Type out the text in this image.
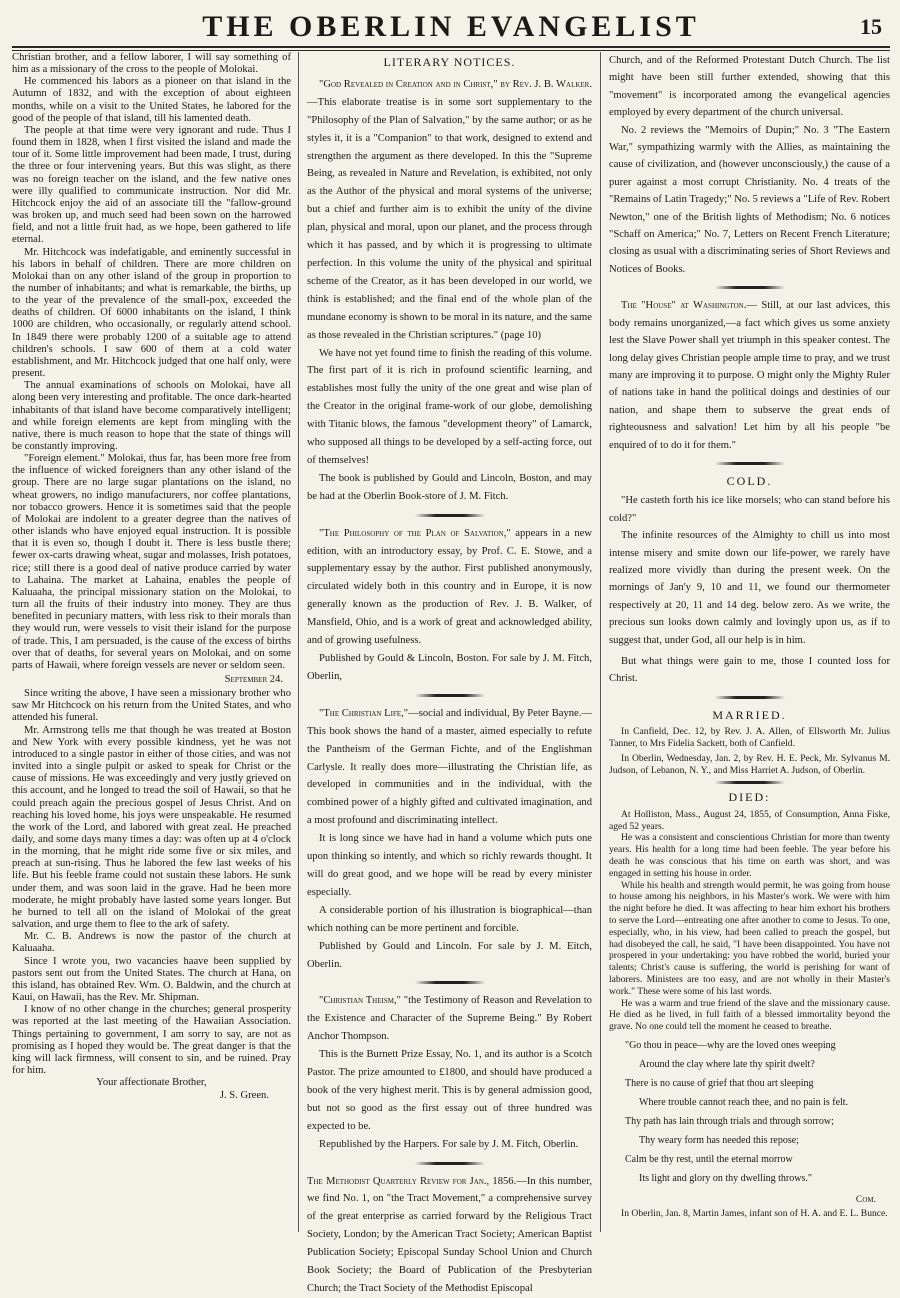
THE OBERLIN EVANGELIST	15

Christian brother, and a fellow laborer, I will say something of him as a missionary of the cross to the people of Molokai.

He commenced his labors as a pioneer on that island in the Autumn of 1832, and with the exception of about eighteen months, while on a visit to the United States, he labored for the good of the people of that island, till his lamented death.

The people at that time were very ignorant and rude. Thus I found them in 1828, when I first visited the island and made the tour of it. Some little improvement had been made, I trust, during the three or four intervening years. But this was slight, as there was no foreign teacher on the island, and the few native ones were illy qualified to communicate instruction. Nor did Mr. Hitchcock enjoy the aid of an associate till the "fallow-ground was broken up, and much seed had been sown on the harrowed field, and not a little fruit had, as we hope, been gathered to life eternal.

Mr. Hitchcock was indefatigable, and eminently successful in his labors in behalf of children. There are more children on Molokai than on any other island of the group in proportion to the number of inhabitants; and what is remarkable, the births, up to the year of the prevalence of the small-pox, exceeded the deaths of children. Of 6000 inhabitants on the island, I think 1000 are children, who occasionally, or regularly attend school. In 1849 there were probably 1200 of a suitable age to attend children's schools. I saw 600 of them at a cold water establishment, and Mr. Hitchcock judged that one half only, were present.

The annual examinations of schools on Molokai, have all along been very interesting and profitable. The once dark-hearted inhabitants of that island have become comparatively intelligent; and while foreign elements are kept from mingling with the native, there is much reason to hope that the state of things will be constantly improving.

"Foreign element." Molokai, thus far, has been more free from the influence of wicked foreigners than any other island of the group. There are no large sugar plantations on the island, no wheat growers, no indigo manufacturers, nor coffee plantations, nor tobacco growers. Hence it is sometimes said that the people of Molokai are indolent to a greater degree than the natives of other islands who have enjoyed equal instruction. It is possible that it is even so, though I doubt it. There is less bustle there; fewer ox-carts drawing wheat, sugar and molasses, Irish potatoes, rice; still there is a good deal of native produce carried by water to Lahaina. The market at Lahaina, enables the people of Kaluaaha, the principal missionary station on the Molokai, to turn all the fruits of their industry into money. They are thus benefited in pecuniary matters, with less risk to their morals than they would run, were vessels to visit their island for the purpose of trade. This, I am persuaded, is the cause of the excess of births over that of deaths, for several years on Molokai, and on some parts of Hawaii, where foreign vessels are never or seldom seen.

September 24.

Since writing the above, I have seen a missionary brother who saw Mr Hitchcock on his return from the United States, and who attended his funeral.

Mr. Armstrong tells me that though he was treated at Boston and New York with every possible kindness, yet he was not introduced to a single pastor in either of those cities, and was not invited into a single pulpit or asked to speak for Christ or the cause of missions. He was exceedingly and very justly grieved on this account, and he longed to tread the soil of Hawaii, so that he could preach again the precious gospel of Jesus Christ. And on reaching his loved home, his joys were unspeakable. He resumed the work of the Lord, and labored with great zeal. He preached daily, and some days many times a day: was often up at 4 o'clock in the morning, that he might ride some five or six miles, and preach at sun-rising. Thus he labored the few last weeks of his life. But his feeble frame could not sustain these labors. He sunk under them, and was soon laid in the grave. Had he been more moderate, he might probably have lasted some years longer. But he burned to tell all on the island of Molokai of the great salvation, and urge them to flee to the ark of safety.

Mr. C. B. Andrews is now the pastor of the church at Kaluaaha.

Since I wrote you, two vacancies haave been supplied by pastors sent out from the United States. The church at Hana, on this island, has obtained Rev. Wm. O. Baldwin, and the church at Kaui, on Hawaii, has the Rev. Mr. Shipman.

I know of no other change in the churches; general prosperity was reported at the last meeting of the Hawaiian Association. Things pertaining to government, I am sorry to say, are not as promising as I hoped they would be. The great danger is that the king will lack firmness, will consent to sin, and be ruined. Pray for him.

Your affectionate Brother,
J. S. Green.
LITERARY NOTICES.

"God Revealed in Creation and in Christ," by Rev. J. B. Walker.—This elaborate treatise is in some sort supplementary to the "Philosophy of the Plan of Salvation," by the same author; or as he styles it, it is a "Companion" to that work, designed to extend and strengthen the argument as there developed. In this the "Supreme Being, as revealed in Nature and Revelation, is exhibited, not only as the Author of the physical and moral systems of the universe; but a chief and further aim is to exhibit the unity of the divine plan, physical and moral, upon our planet, and the process through which it has passed, and by which it is progressing to ultimate perfection. In this volume the unity of the physical and spiritual scheme of the Creator, as it has been developed in our world, we think is established; and the final end of the whole plan of the mundane economy is shown to be moral in its nature, and the same as those revealed in the Christian scriptures." (page 10)

We have not yet found time to finish the reading of this volume. The first part of it is rich in profound scientific learning, and establishes most fully the unity of the one great and wise plan of the Creator in the original frame-work of our globe, demolishing with Titanic blows, the famous "development theory" of Lamarck, who supposed all things to be developed by a self-acting force, out of themselves!

The book is published by Gould and Lincoln, Boston, and may be had at the Oberlin Book-store of J. M. Fitch.

"The Philosophy of the Plan of Salvation," appears in a new edition, with an introductory essay, by Prof. C. E. Stowe, and a supplementary essay by the author. First published anonymously, circulated widely both in this country and in Europe, it is now generally known as the production of Rev. J. B. Walker, of Mansfield, Ohio, and is a work of great and acknowledged ability, and of growing usefulness.

Published by Gould & Lincoln, Boston. For sale by J. M. Fitch, Oberlin,

"The Christian Life,"—social and individual, By Peter Bayne.—This book shows the hand of a master, aimed especially to refute the Pantheism of the German Fichte, and of the Englishman Carlysle. It really does more—illustrating the Christian life, as developed in communities and in the individual, with the combined power of a highly gifted and cultivated imagination, and a most profound and discriminating intellect.

It is long since we have had in hand a volume which puts one upon thinking so intently, and which so richly rewards thought. It will do great good, and we hope will be read by every minister especially.

A considerable portion of his illustration is biographical—than which nothing can be more pertinent and forcible.

Published by Gould and Lincoln. For sale by J. M. Eitch, Oberlin.

"Christian Theism," "the Testimony of Reason and Revelation to the Existence and Character of the Supreme Being." By Robert Anchor Thompson.

This is the Burnett Prize Essay, No. 1, and its author is a Scotch Pastor. The prize amounted to £1800, and should have produced a book of the very highest merit. This is by general admission good, but not so good as the first essay out of three hundred was expected to be.

Republished by the Harpers. For sale by J. M. Fitch, Oberlin.

The Methodist Quarterly Review for Jan., 1856.—In this number, we find No. 1, on "the Tract Movement," a comprehensive survey of the great enterprise as carried forward by the Religious Tract Society, London; by the American Tract Society; American Baptist Publication Society; Episcopal Sunday School Union and Church Book Society; the Board of Publication of the Presbyterian Church; the Tract Society of the Methodist Episcopal

Church, and of the Reformed Protestant Dutch Church. The list might have been still further extended, showing that this "movement" is incorporated among the evangelical agencies employed by every department of the church universal.

No. 2 reviews the "Memoirs of Dupin;" No. 3 "The Eastern War," sympathizing warmly with the Allies, as maintaining the cause of civilization, and (however unconsciously,) the cause of a purer against a most corrupt Christianity. No. 4 treats of the "Remains of Latin Tragedy;" No. 5 reviews a "Life of Rev. Robert Newton," one of the British lights of Methodism; No. 6 notices "Schaff on America;" No. 7, Letters on Recent French Literature; closing as usual with a discriminating series of Short Reviews and Notices of Books.

The "House" at Washington.— Still, at our last advices, this body remains unorganized,—a fact which gives us some anxiety lest the Slave Power shall yet triumph in this speaker contest. The long delay gives Christian people ample time to pray, and we trust many are improving it to purpose. O might only the Mighty Ruler of nations take in hand the political doings and destinies of our nation, and shape them to subserve the great ends of righteousness and salvation! Let him by all his people "be enquired of to do it for them."

COLD.

"He casteth forth his ice like morsels; who can stand before his cold?"

The infinite resources of the Almighty to chill us into most intense misery and smite down our life-power, we rarely have realized more vividly than during the present week. On the mornings of Jan'y 9, 10 and 11, we found our thermometer respectively at 20, 11 and 14 deg. below zero. As we write, the precious sun looks down calmly and lovingly upon us, as if to suggest that, under God, all our help is in him.

But what things were gain to me, those I counted loss for Christ.

MARRIED.

In Canfield, Dec. 12, by Rev. J. A. Allen, of Ellsworth Mr. Julius Tanner, to Mrs Fidelia Sackett, both of Canfield.

In Oberlin, Wednesday, Jan. 2, by Rev. H. E. Peck, Mr. Sylvanus M. Judson, of Lebanon, N. Y., and Miss Harriet A. Judson, of Oberlin.

DIED:

At Holliston, Mass., August 24, 1855, of Consumption, Anna Fiske, aged 52 years.

He was a consistent and conscientious Christian for more than twenty years. His health for a long time had been feeble. The year before his death he was conscious that his time on earth was short, and was engaged in setting his house in order.

While his health and strength would permit, he was going from house to house among his neighbors, in his Master's work. We were with him the night before he died. It was affecting to hear him exhort his brothers to serve the Lord—entreating one after another to come to Jesus. To one, especially, who, in his view, had been called to preach the gospel, but had disobeyed the call, he said, "I have been disappointed. You have not prospered in your undertaking: you have robbed the world, buried your talents; Christ's cause is suffering, the world is perishing for want of laborers. Ministers are too easy, and are not wholly in their Master's work." These were some of his last words.

He was a warm and true friend of the slave and the missionary cause. He died as he lived, in full faith of a blessed immortality beyond the grave. No one could tell the moment he ceased to breathe.

"Go thou in peace—why are the loved ones weeping
Around the clay where late thy spirit dwelt?
There is no cause of grief that thou art sleeping
Where trouble cannot reach thee, and no pain is felt.
Thy path has lain through trials and through sorrow;
Thy weary form has needed this repose;
Calm be thy rest, until the eternal morrow
Its light and glory on thy dwelling throws."
Com.

In Oberlin, Jan. 8, Martin James, infant son of H. A. and E. L. Bunce.
